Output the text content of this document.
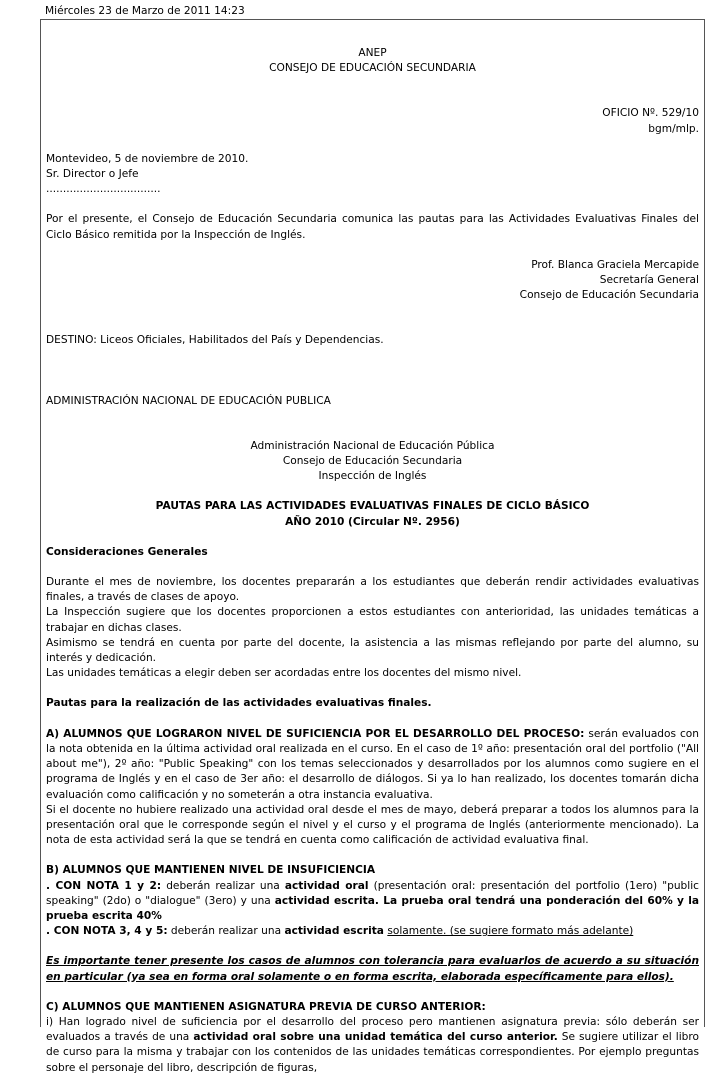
Miércoles 23 de Marzo de 2011 14:23

ANEP

CONSEJO DE EDUCACIÓN SECUNDARIA

OFICIO Nº. 529/10

bgm/mlp.

Montevideo, 5 de noviembre de 2010.

Sr. Director o Jefe

..................................

Por el presente, el Consejo de Educación Secundaria comunica las pautas para las Actividades Evaluativas Finales del Ciclo Básico remitida por la Inspección de Inglés.

Prof. Blanca Graciela Mercapide

Secretaría General

Consejo de Educación Secundaria

DESTINO: Liceos Oficiales, Habilitados del País y Dependencias.

ADMINISTRACIÓN NACIONAL DE EDUCACIÓN PUBLICA

Administración Nacional de Educación Pública

Consejo de Educación Secundaria

Inspección de Inglés

PAUTAS PARA LAS ACTIVIDADES EVALUATIVAS FINALES DE CICLO BÁSICO

AÑO 2010 (Circular Nº. 2956)

Consideraciones Generales

Durante el mes de noviembre, los docentes prepararán a los estudiantes que deberán rendir actividades evaluativas finales, a través de clases de apoyo.

La Inspección sugiere que los docentes proporcionen a estos estudiantes con anterioridad, las unidades temáticas a trabajar en dichas clases.

Asimismo se tendrá en cuenta por parte del docente, la asistencia a las mismas reflejando por parte del alumno, su interés y dedicación.

Las unidades temáticas a elegir deben ser acordadas entre los docentes del mismo nivel.

Pautas para la realización de las actividades evaluativas finales.

A) ALUMNOS QUE LOGRARON NIVEL DE SUFICIENCIA POR EL DESARROLLO DEL PROCESO: serán evaluados con la nota obtenida en la última actividad oral realizada en el curso. En el caso de 1º año: presentación oral del portfolio ("All about me"), 2º año: "Public Speaking" con los temas seleccionados y desarrollados por los alumnos como sugiere en el programa de Inglés y en el caso de 3er año: el desarrollo de diálogos. Si ya lo han realizado, los docentes tomarán dicha evaluación como calificación y no someterán a otra instancia evaluativa.

Si el docente no hubiere realizado una actividad oral desde el mes de mayo, deberá preparar a todos los alumnos para la presentación oral que le corresponde según el nivel y el curso y el programa de Inglés (anteriormente mencionado). La nota de esta actividad será la que se tendrá en cuenta como calificación de actividad evaluativa final.

B) ALUMNOS QUE MANTIENEN NIVEL DE INSUFICIENCIA

. CON NOTA 1 y 2: deberán realizar una actividad oral (presentación oral: presentación del portfolio (1ero) "public speaking" (2do) o "dialogue" (3ero) y una actividad escrita. La prueba oral tendrá una ponderación del 60% y la prueba escrita 40%

. CON NOTA 3, 4 y 5: deberán realizar una actividad escrita solamente. (se sugiere formato más adelante)

Es importante tener presente los casos de alumnos con tolerancia para evaluarlos de acuerdo a su situación en particular (ya sea en forma oral solamente o en forma escrita, elaborada específicamente para ellos).

C) ALUMNOS QUE MANTIENEN ASIGNATURA PREVIA DE CURSO ANTERIOR:

i) Han logrado nivel de suficiencia por el desarrollo del proceso pero mantienen asignatura previa: sólo deberán ser evaluados a través de una actividad oral sobre una unidad temática del curso anterior. Se sugiere utilizar el libro de curso para la misma y trabajar con los contenidos de las unidades temáticas correspondientes. Por ejemplo preguntas sobre el personaje del libro, descripción de figuras,
